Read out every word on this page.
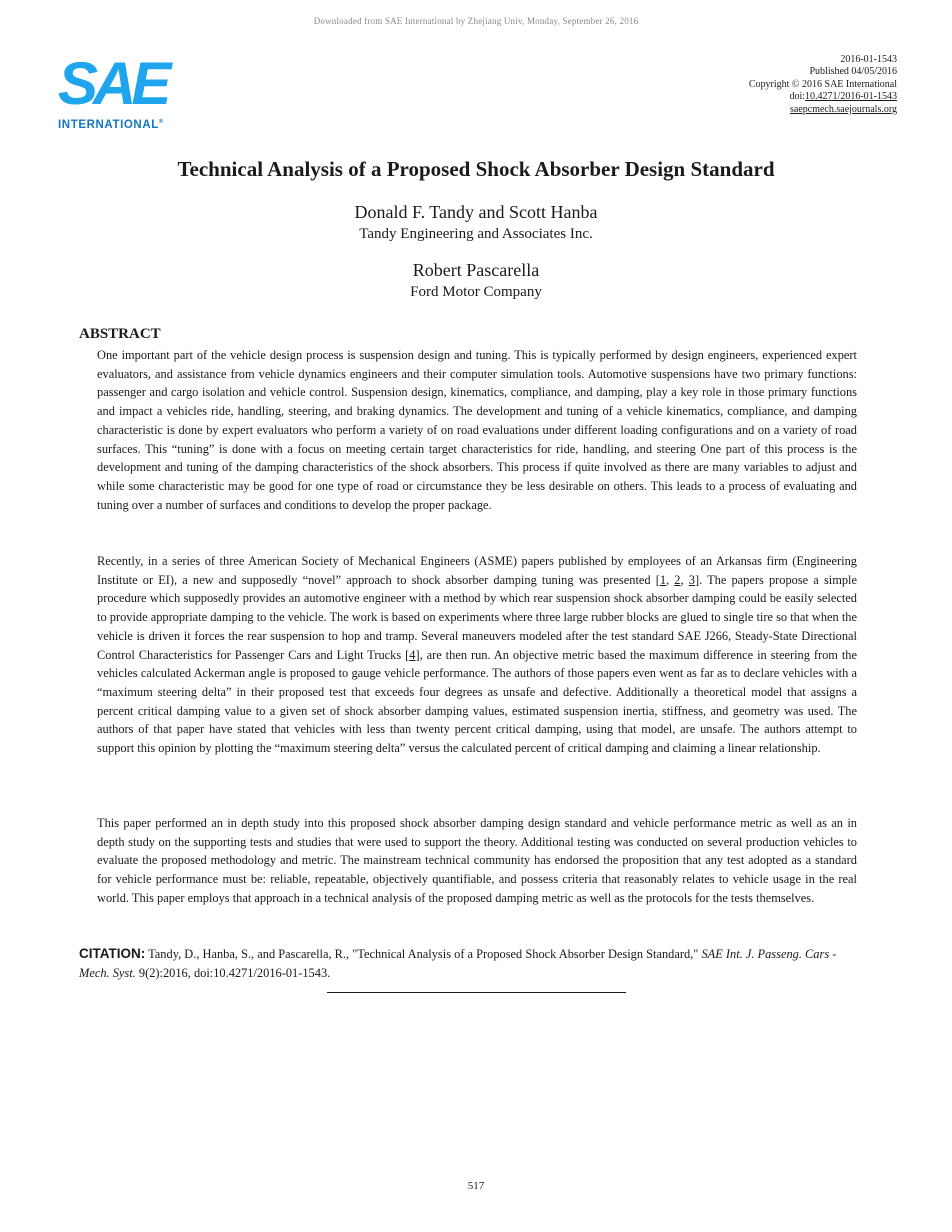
Downloaded from SAE International by Zhejiang Univ, Monday, September 26, 2016
SAE
INTERNATIONAL®
2016-01-1543
Published 04/05/2016
Copyright © 2016 SAE International
doi:10.4271/2016-01-1543
saepcmech.saejournals.org
Technical Analysis of a Proposed Shock Absorber Design Standard
Donald F. Tandy and Scott Hanba
Tandy Engineering and Associates Inc.
Robert Pascarella
Ford Motor Company
ABSTRACT
One important part of the vehicle design process is suspension design and tuning. This is typically performed by design engineers, experienced expert evaluators, and assistance from vehicle dynamics engineers and their computer simulation tools. Automotive suspensions have two primary functions: passenger and cargo isolation and vehicle control. Suspension design, kinematics, compliance, and damping, play a key role in those primary functions and impact a vehicles ride, handling, steering, and braking dynamics. The development and tuning of a vehicle kinematics, compliance, and damping characteristic is done by expert evaluators who perform a variety of on road evaluations under different loading configurations and on a variety of road surfaces. This “tuning” is done with a focus on meeting certain target characteristics for ride, handling, and steering One part of this process is the development and tuning of the damping characteristics of the shock absorbers. This process if quite involved as there are many variables to adjust and while some characteristic may be good for one type of road or circumstance they be less desirable on others. This leads to a process of evaluating and tuning over a number of surfaces and conditions to develop the proper package.
Recently, in a series of three American Society of Mechanical Engineers (ASME) papers published by employees of an Arkansas firm (Engineering Institute or EI), a new and supposedly “novel” approach to shock absorber damping tuning was presented [1, 2, 3]. The papers propose a simple procedure which supposedly provides an automotive engineer with a method by which rear suspension shock absorber damping could be easily selected to provide appropriate damping to the vehicle. The work is based on experiments where three large rubber blocks are glued to single tire so that when the vehicle is driven it forces the rear suspension to hop and tramp. Several maneuvers modeled after the test standard SAE J266, Steady-State Directional Control Characteristics for Passenger Cars and Light Trucks [4], are then run. An objective metric based the maximum difference in steering from the vehicles calculated Ackerman angle is proposed to gauge vehicle performance. The authors of those papers even went as far as to declare vehicles with a “maximum steering delta” in their proposed test that exceeds four degrees as unsafe and defective. Additionally a theoretical model that assigns a percent critical damping value to a given set of shock absorber damping values, estimated suspension inertia, stiffness, and geometry was used. The authors of that paper have stated that vehicles with less than twenty percent critical damping, using that model, are unsafe. The authors attempt to support this opinion by plotting the “maximum steering delta” versus the calculated percent of critical damping and claiming a linear relationship.
This paper performed an in depth study into this proposed shock absorber damping design standard and vehicle performance metric as well as an in depth study on the supporting tests and studies that were used to support the theory. Additional testing was conducted on several production vehicles to evaluate the proposed methodology and metric. The mainstream technical community has endorsed the proposition that any test adopted as a standard for vehicle performance must be: reliable, repeatable, objectively quantifiable, and possess criteria that reasonably relates to vehicle usage in the real world. This paper employs that approach in a technical analysis of the proposed damping metric as well as the protocols for the tests themselves.
CITATION: Tandy, D., Hanba, S., and Pascarella, R., "Technical Analysis of a Proposed Shock Absorber Design Standard," SAE Int. J. Passeng. Cars - Mech. Syst. 9(2):2016, doi:10.4271/2016-01-1543.
517
